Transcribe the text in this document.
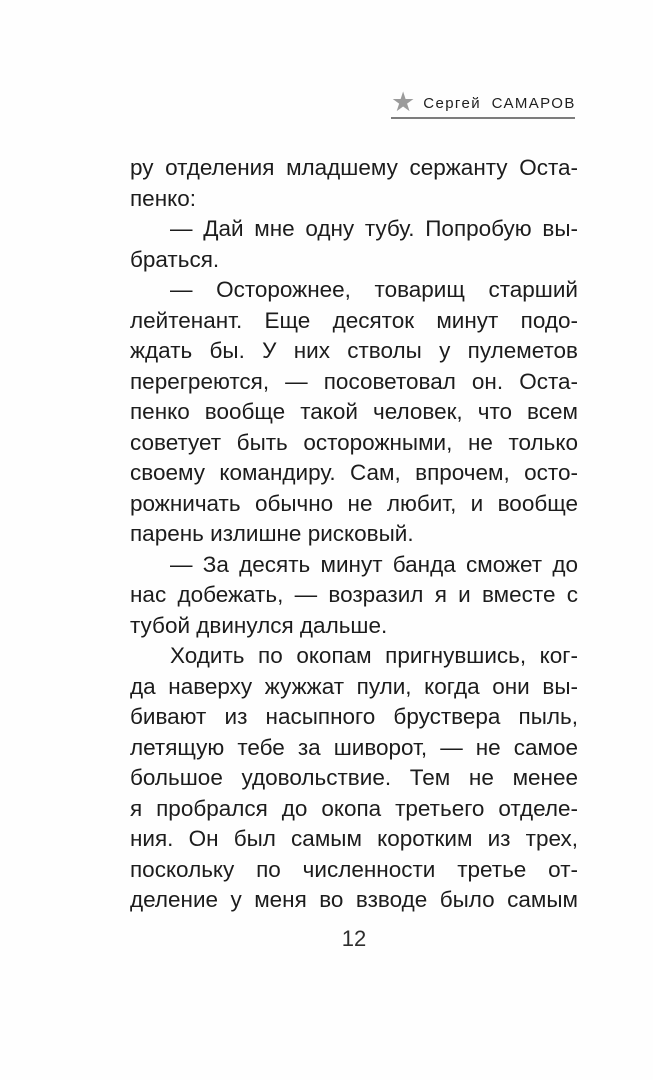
★ Сергей САМАРОВ
ру отделения младшему сержанту Оста-
пенко:
— Дай мне одну тубу. Попробую вы-
браться.
— Осторожнее, товарищ старший
лейтенант. Еще десяток минут подо-
ждать бы. У них стволы у пулеметов
перегреются, — посоветовал он. Оста-
пенко вообще такой человек, что всем
советует быть осторожными, не только
своему командиру. Сам, впрочем, осто-
рожничать обычно не любит, и вообще
парень излишне рисковый.
— За десять минут банда сможет до
нас добежать, — возразил я и вместе с
тубой двинулся дальше.
Ходить по окопам пригнувшись, ког-
да наверху жужжат пули, когда они вы-
бивают из насыпного бруствера пыль,
летящую тебе за шиворот, — не самое
большое удовольствие. Тем не менее
я пробрался до окопа третьего отделе-
ния. Он был самым коротким из трех,
поскольку по численности третье от-
деление у меня во взводе было самым
12
